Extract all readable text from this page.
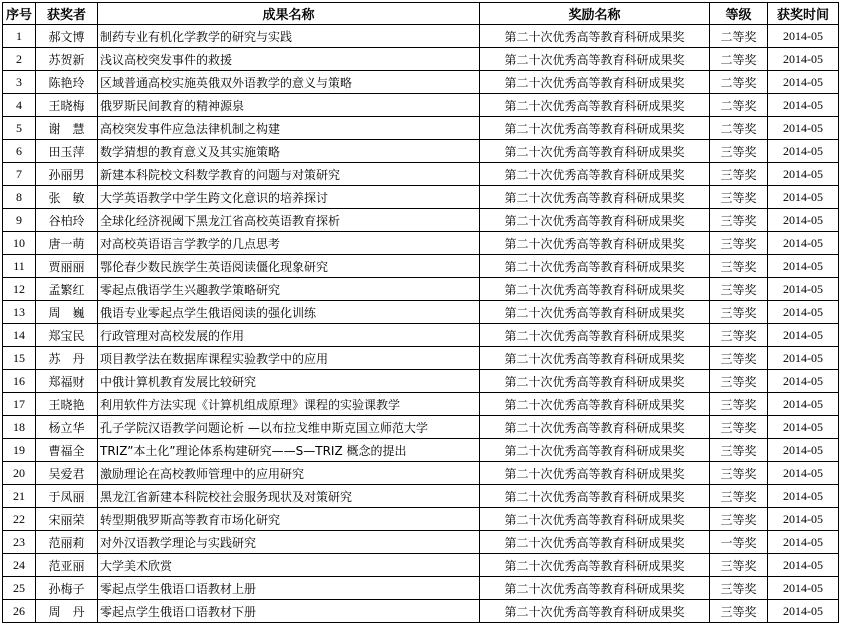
序号	获奖者	成果名称	奖励名称	等级	获奖时间
1	郝文博	制药专业有机化学教学的研究与实践	第二十次优秀高等教育科研成果奖	二等奖	2014-05
2	苏贺新	浅议高校突发事件的救援	第二十次优秀高等教育科研成果奖	二等奖	2014-05
3	陈艳玲	区域普通高校实施英俄双外语教学的意义与策略	第二十次优秀高等教育科研成果奖	二等奖	2014-05
4	王晓梅	俄罗斯民间教育的精神源泉	第二十次优秀高等教育科研成果奖	二等奖	2014-05
5	谢　慧	高校突发事件应急法律机制之构建	第二十次优秀高等教育科研成果奖	二等奖	2014-05
6	田玉萍	数学猜想的教育意义及其实施策略	第二十次优秀高等教育科研成果奖	三等奖	2014-05
7	孙丽男	新建本科院校文科数学教育的问题与对策研究	第二十次优秀高等教育科研成果奖	三等奖	2014-05
8	张　敏	大学英语教学中学生跨文化意识的培养探讨	第二十次优秀高等教育科研成果奖	三等奖	2014-05
9	谷柏玲	全球化经济视阈下黑龙江省高校英语教育探析	第二十次优秀高等教育科研成果奖	三等奖	2014-05
10	唐一萌	对高校英语语言学教学的几点思考	第二十次优秀高等教育科研成果奖	三等奖	2014-05
11	贾丽丽	鄂伦春少数民族学生英语阅读僵化现象研究	第二十次优秀高等教育科研成果奖	三等奖	2014-05
12	孟繁红	零起点俄语学生兴趣教学策略研究	第二十次优秀高等教育科研成果奖	三等奖	2014-05
13	周　巍	俄语专业零起点学生俄语阅读的强化训练	第二十次优秀高等教育科研成果奖	三等奖	2014-05
14	郑宝民	行政管理对高校发展的作用	第二十次优秀高等教育科研成果奖	三等奖	2014-05
15	苏　丹	项目教学法在数据库课程实验教学中的应用	第二十次优秀高等教育科研成果奖	三等奖	2014-05
16	郑福财	中俄计算机教育发展比较研究	第二十次优秀高等教育科研成果奖	三等奖	2014-05
17	王晓艳	利用软件方法实现《计算机组成原理》课程的实验课教学	第二十次优秀高等教育科研成果奖	三等奖	2014-05
18	杨立华	孔子学院汉语教学问题论析 —以布拉戈维申斯克国立师范大学	第二十次优秀高等教育科研成果奖	三等奖	2014-05
19	曹福全	TRIZ”本土化”理论体系构建研究——S—TRIZ 概念的提出	第二十次优秀高等教育科研成果奖	三等奖	2014-05
20	吴爱君	激励理论在高校教师管理中的应用研究	第二十次优秀高等教育科研成果奖	三等奖	2014-05
21	于凤丽	黑龙江省新建本科院校社会服务现状及对策研究	第二十次优秀高等教育科研成果奖	三等奖	2014-05
22	宋丽荣	转型期俄罗斯高等教育市场化研究	第二十次优秀高等教育科研成果奖	三等奖	2014-05
23	范丽莉	对外汉语教学理论与实践研究	第二十次优秀高等教育科研成果奖	一等奖	2014-05
24	范亚丽	大学美术欣赏	第二十次优秀高等教育科研成果奖	三等奖	2014-05
25	孙梅子	零起点学生俄语口语教材上册	第二十次优秀高等教育科研成果奖	三等奖	2014-05
26	周　丹	零起点学生俄语口语教材下册	第二十次优秀高等教育科研成果奖	三等奖	2014-05
